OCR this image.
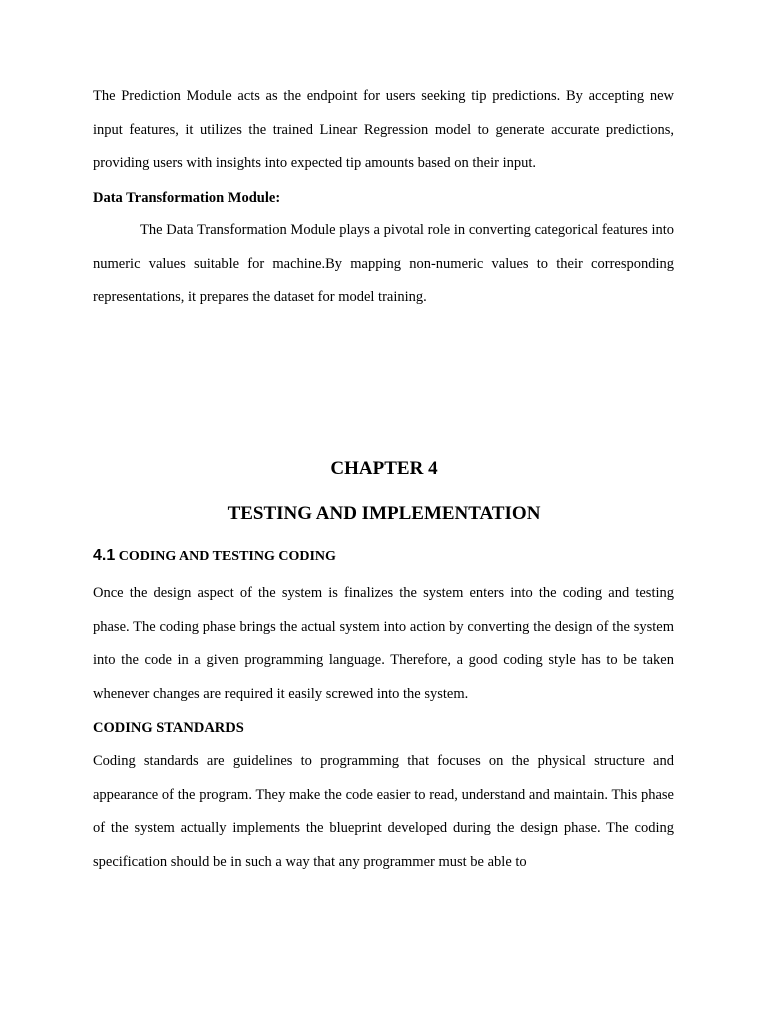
The Prediction Module acts as the endpoint for users seeking tip predictions. By accepting new input features, it utilizes the trained Linear Regression model to generate accurate predictions, providing users with insights into expected tip amounts based on their input.

Data Transformation Module:

The Data Transformation Module plays a pivotal role in converting categorical features into numeric values suitable for machine.By mapping non-numeric values to their corresponding representations, it prepares the dataset for model training.

CHAPTER 4

TESTING AND IMPLEMENTATION

4.1 CODING AND TESTING CODING

Once the design aspect of the system is finalizes the system enters into the coding and testing phase. The coding phase brings the actual system into action by converting the design of the system into the code in a given programming language. Therefore, a good coding style has to be taken whenever changes are required it easily screwed into the system.

CODING STANDARDS

Coding standards are guidelines to programming that focuses on the physical structure and appearance of the program. They make the code easier to read, understand and maintain. This phase of the system actually implements the blueprint developed during the design phase. The coding specification should be in such a way that any programmer must be able to
